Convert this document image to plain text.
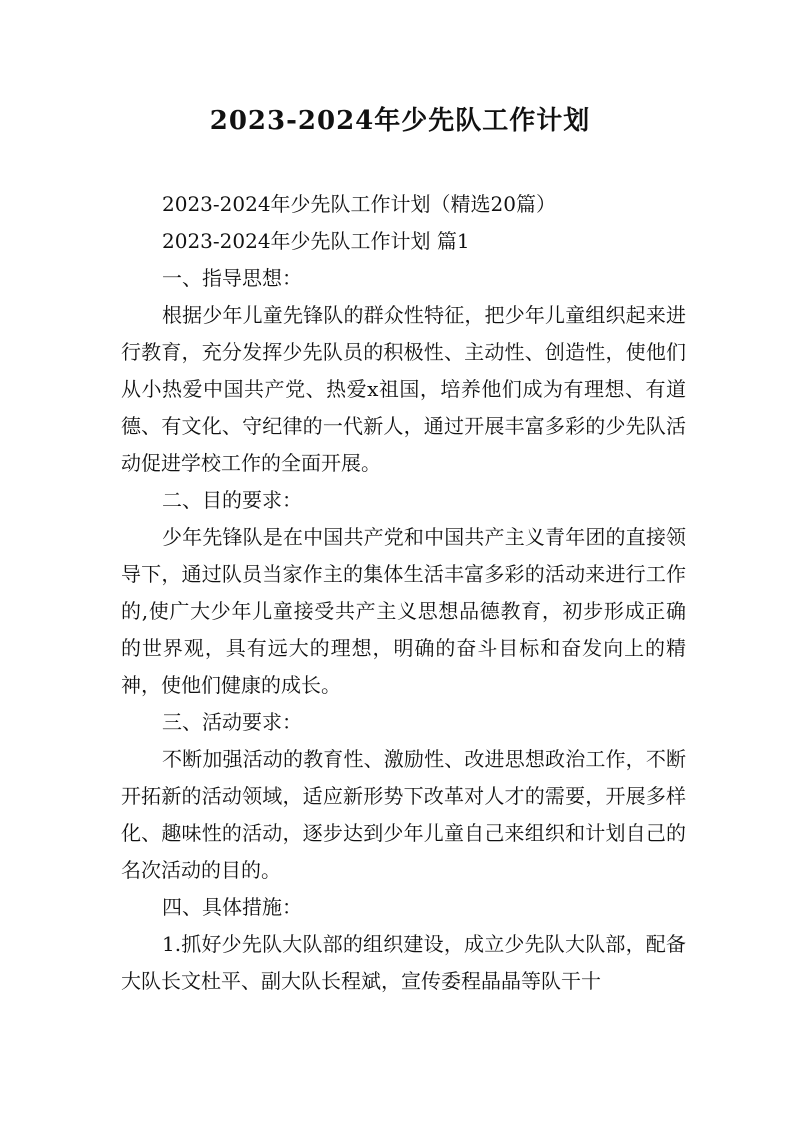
2023-2024年少先队工作计划

2023-2024年少先队工作计划（精选20篇）

2023-2024年少先队工作计划 篇1

一、指导思想：

根据少年儿童先锋队的群众性特征，把少年儿童组织起来进行教育，充分发挥少先队员的积极性、主动性、创造性，使他们从小热爱中国共产党、热爱x祖国，培养他们成为有理想、有道德、有文化、守纪律的一代新人，通过开展丰富多彩的少先队活动促进学校工作的全面开展。

二、目的要求：

少年先锋队是在中国共产党和中国共产主义青年团的直接领导下，通过队员当家作主的集体生活丰富多彩的活动来进行工作的,使广大少年儿童接受共产主义思想品德教育，初步形成正确的世界观，具有远大的理想，明确的奋斗目标和奋发向上的精神，使他们健康的成长。

三、活动要求：

不断加强活动的教育性、激励性、改进思想政治工作，不断开拓新的活动领域，适应新形势下改革对人才的需要，开展多样化、趣味性的活动，逐步达到少年儿童自己来组织和计划自己的名次活动的目的。

四、具体措施：

1.抓好少先队大队部的组织建设，成立少先队大队部，配备大队长文杜平、副大队长程斌，宣传委程晶晶等队干十
